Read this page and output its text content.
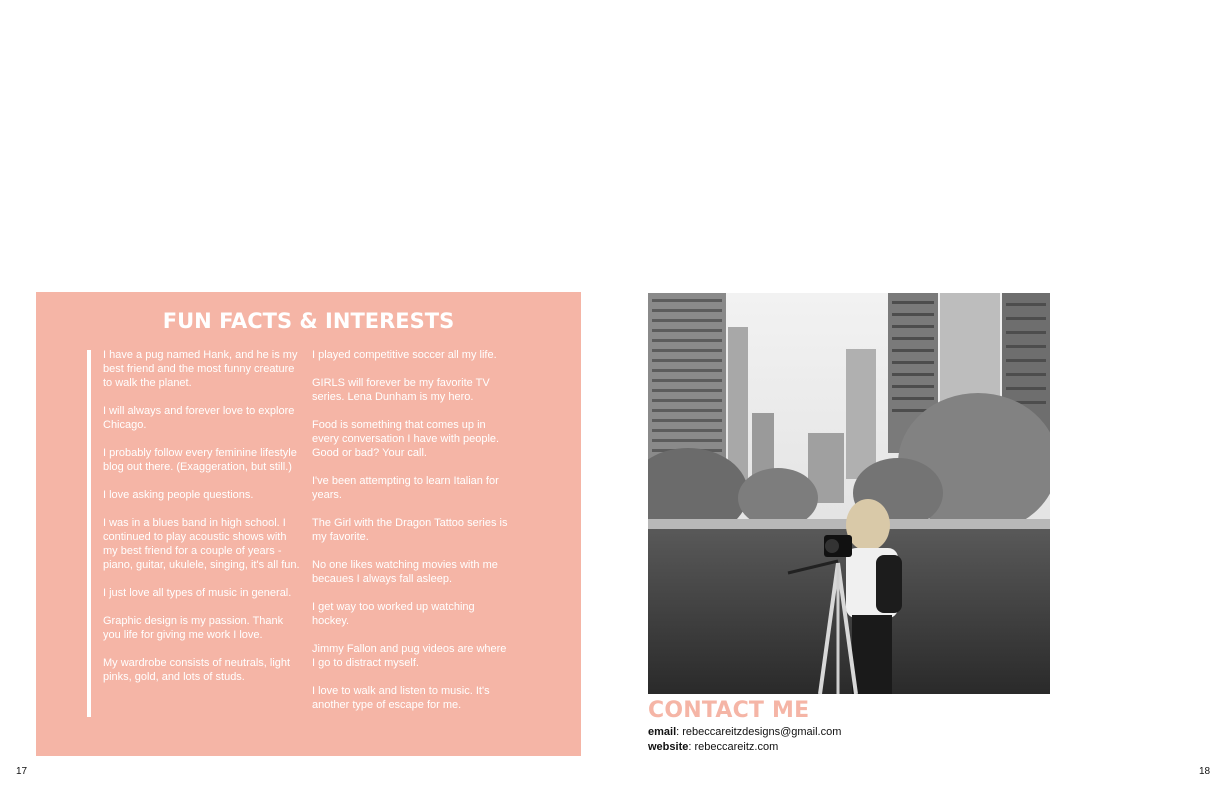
FUN FACTS & INTERESTS
I have a pug named Hank, and he is my best friend and the most funny creature to walk the planet.
I will always and forever love to explore Chicago.
I probably follow every feminine lifestyle blog out there. (Exaggeration, but still.)
I love asking people questions.
I was in a blues band in high school. I continued to play acoustic shows with my best friend for a couple of years - piano, guitar, ukulele, singing, it's all fun.
I just love all types of music in general.
Graphic design is my passion. Thank you life for giving me work I love.
My wardrobe consists of neutrals, light pinks, gold, and lots of studs.
I played competitive soccer all my life.
GIRLS will forever be my favorite TV series. Lena Dunham is my hero.
Food is something that comes up in every conversation I have with people. Good or bad? Your call.
I've been attempting to learn Italian for years.
The Girl with the Dragon Tattoo series is my favorite.
No one likes watching movies with me becaues I always fall asleep.
I get way too worked up watching hockey.
Jimmy Fallon and pug videos are where I go to distract myself.
I love to walk and listen to music. It's another type of escape for me.	CONTACT ME
email: rebeccareitzdesigns@gmail.com
website: rebeccareitz.com
17	18
